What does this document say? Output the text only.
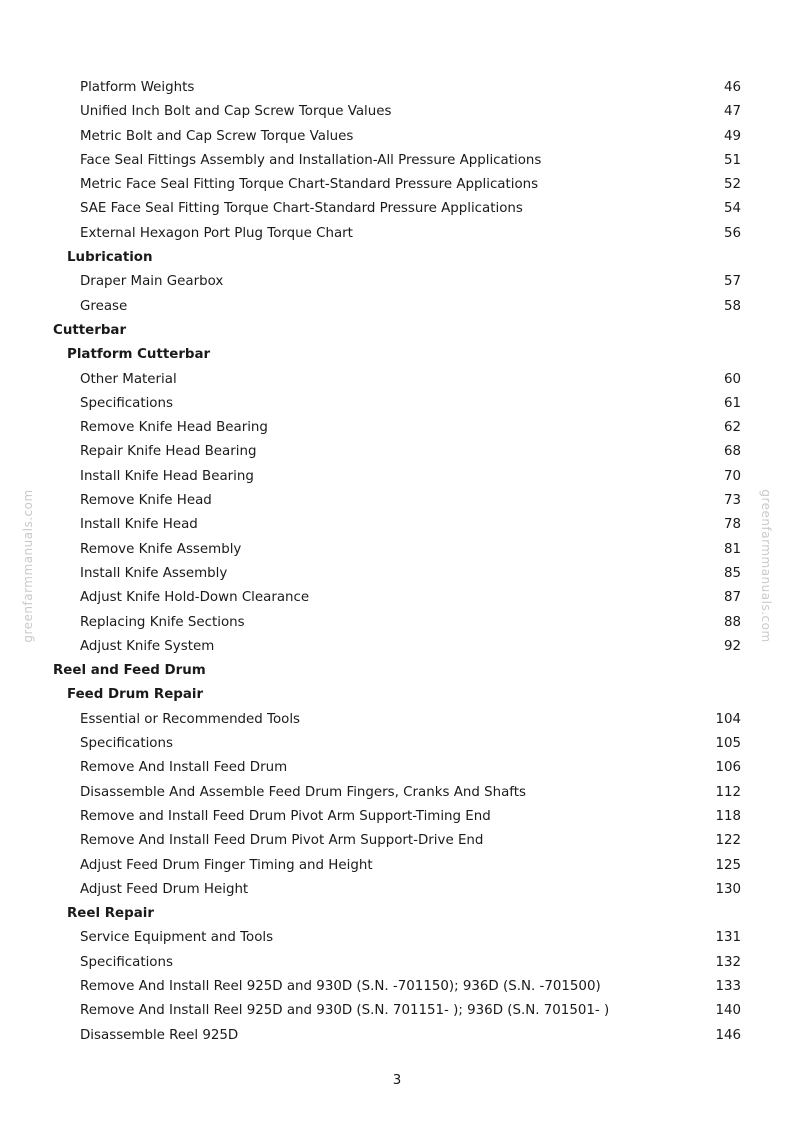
greenfarmmanuals.com	greenfarmmanuals.com
Platform Weights	46
Unified Inch Bolt and Cap Screw Torque Values	47
Metric Bolt and Cap Screw Torque Values	49
Face Seal Fittings Assembly and Installation-All Pressure Applications	51
Metric Face Seal Fitting Torque Chart-Standard Pressure Applications	52
SAE Face Seal Fitting Torque Chart-Standard Pressure Applications	54
External Hexagon Port Plug Torque Chart	56
Lubrication
Draper Main Gearbox	57
Grease	58
Cutterbar
Platform Cutterbar
Other Material	60
Specifications	61
Remove Knife Head Bearing	62
Repair Knife Head Bearing	68
Install Knife Head Bearing	70
Remove Knife Head	73
Install Knife Head	78
Remove Knife Assembly	81
Install Knife Assembly	85
Adjust Knife Hold-Down Clearance	87
Replacing Knife Sections	88
Adjust Knife System	92
Reel and Feed Drum
Feed Drum Repair
Essential or Recommended Tools	104
Specifications	105
Remove And Install Feed Drum	106
Disassemble And Assemble Feed Drum Fingers, Cranks And Shafts	112
Remove and Install Feed Drum Pivot Arm Support-Timing End	118
Remove And Install Feed Drum Pivot Arm Support-Drive End	122
Adjust Feed Drum Finger Timing and Height	125
Adjust Feed Drum Height	130
Reel Repair
Service Equipment and Tools	131
Specifications	132
Remove And Install Reel 925D and 930D (S.N. -701150); 936D (S.N. -701500)	133
Remove And Install Reel 925D and 930D (S.N. 701151- ); 936D (S.N. 701501- )	140
Disassemble Reel 925D	146
3
